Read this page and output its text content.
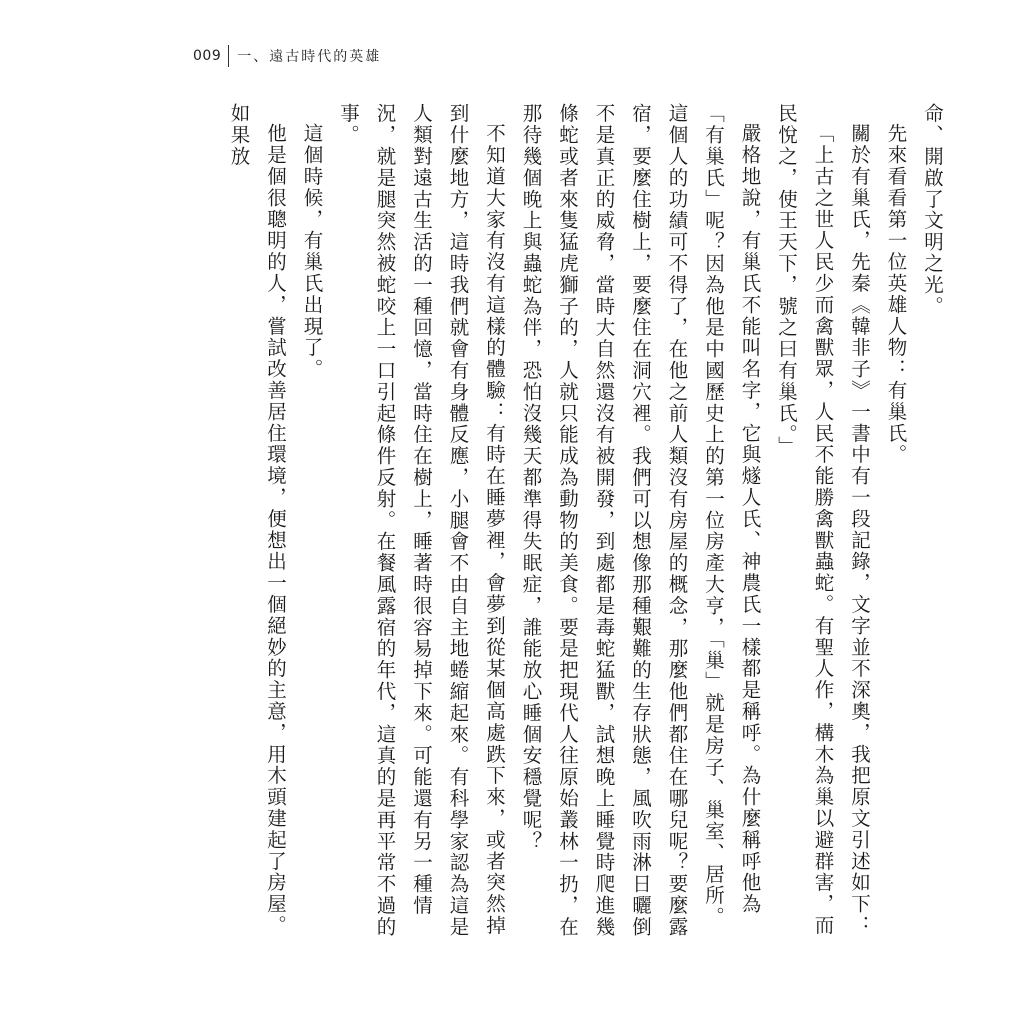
009 一、遠古時代的英雄

命、開啟了文明之光。

先來看看第一位英雄人物：有巢氏。

關於有巢氏，先秦《韓非子》一書中有一段記錄，文字並不深奧，我把原文引述如下：

「上古之世人民少而禽獸眾，人民不能勝禽獸蟲蛇。有聖人作，構木為巢以避群害，而民悅之，使王天下，號之曰有巢氏。」

嚴格地說，有巢氏不能叫名字，它與燧人氏、神農氏一樣都是稱呼。為什麼稱呼他為「有巢氏」呢？因為他是中國歷史上的第一位房產大亨，「巢」就是房子、巢室、居所。這個人的功績可不得了，在他之前人類沒有房屋的概念，那麼他們都住在哪兒呢？要麼露宿，要麼住樹上，要麼住在洞穴裡。我們可以想像那種艱難的生存狀態，風吹雨淋日曬倒不是真正的威脅，當時大自然還沒有被開發，到處都是毒蛇猛獸，試想晚上睡覺時爬進幾條蛇或者來隻猛虎獅子的，人就只能成為動物的美食。要是把現代人往原始叢林一扔，在那待幾個晚上與蟲蛇為伴，恐怕沒幾天都準得失眠症，誰能放心睡個安穩覺呢？

不知道大家有沒有這樣的體驗：有時在睡夢裡，會夢到從某個高處跌下來，或者突然掉到什麼地方，這時我們就會有身體反應，小腿會不由自主地蜷縮起來。有科學家認為這是人類對遠古生活的一種回憶，當時住在樹上，睡著時很容易掉下來。可能還有另一種情況，就是腿突然被蛇咬上一口引起條件反射。在餐風露宿的年代，這真的是再平常不過的事。

這個時候，有巢氏出現了。

他是個很聰明的人，嘗試改善居住環境，便想出一個絕妙的主意，用木頭建起了房屋。如果放
